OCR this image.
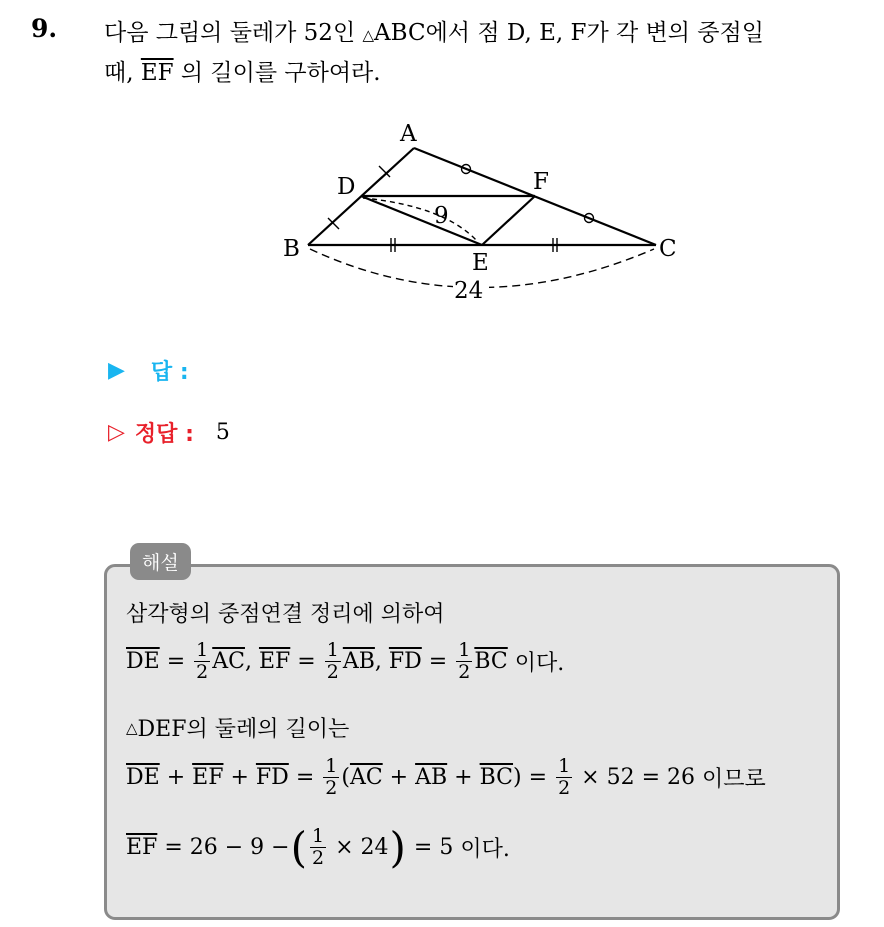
9. 다음 그림의 둘레가 52인 △ABC에서 점 D, E, F가 각 변의 중점일
때, $\overline{EF}$ 의 길이를 구하여라.
A
D	F
B
E
C
9
24
▶ 답 :
▷ 정답 : 5
해설
삼각형의 중점연결 정리에 의하여
$\overline{DE} = \frac{1}{2} \overline{AC}$ ,
$\overline{EF} = \frac{1}{2} \overline{AB}$ ,
$\overline{FD} = \frac{1}{2} \overline{BC}$
이다.
△ DEF의 둘레의 길이는
$\overline{DE} + \overline{EF} + \overline{FD} = \frac{1}{2}$ ( $\overline{AC} + \overline{AB} + \overline{BC}$ ) = $\frac{1}{2} \times 52 = 26$
이므로
$\overline{EF} = 26 - 9$ − ( $\frac{1}{2} \times 24$ ) = 5
이다.
